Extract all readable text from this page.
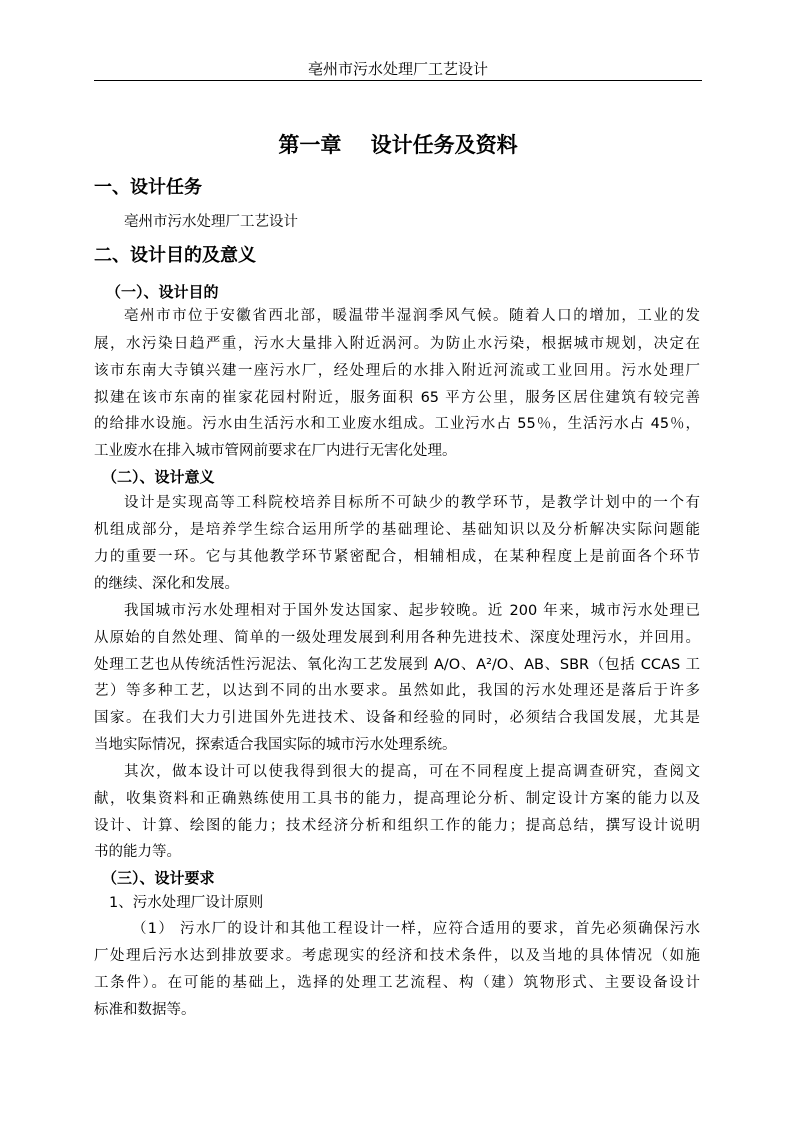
亳州市污水处理厂工艺设计
第一章    设计任务及资料
一、设计任务
亳州市污水处理厂工艺设计
二、设计目的及意义
（一）、设计目的
亳州市市位于安徽省西北部，暖温带半湿润季风气候。随着人口的增加，工业的发
展，水污染日趋严重，污水大量排入附近涡河。为防止水污染，根据城市规划，决定在
该市东南大寺镇兴建一座污水厂，经处理后的水排入附近河流或工业回用。污水处理厂
拟建在该市东南的崔家花园村附近，服务面积 65 平方公里，服务区居住建筑有较完善
的给排水设施。污水由生活污水和工业废水组成。工业污水占 55％，生活污水占 45％，
工业废水在排入城市管网前要求在厂内进行无害化处理。
（二）、设计意义
设计是实现高等工科院校培养目标所不可缺少的教学环节，是教学计划中的一个有
机组成部分，是培养学生综合运用所学的基础理论、基础知识以及分析解决实际问题能
力的重要一环。它与其他教学环节紧密配合，相辅相成，在某种程度上是前面各个环节
的继续、深化和发展。
我国城市污水处理相对于国外发达国家、起步较晚。近 200 年来，城市污水处理已
从原始的自然处理、简单的一级处理发展到利用各种先进技术、深度处理污水，并回用。
处理工艺也从传统活性污泥法、氧化沟工艺发展到 A/O、A²/O、AB、SBR（包括 CCAS 工
艺）等多种工艺，以达到不同的出水要求。虽然如此，我国的污水处理还是落后于许多
国家。在我们大力引进国外先进技术、设备和经验的同时，必须结合我国发展，尤其是
当地实际情况，探索适合我国实际的城市污水处理系统。
其次，做本设计可以使我得到很大的提高，可在不同程度上提高调查研究，查阅文
献，收集资料和正确熟练使用工具书的能力，提高理论分析、制定设计方案的能力以及
设计、计算、绘图的能力；技术经济分析和组织工作的能力；提高总结，撰写设计说明
书的能力等。
（三）、设计要求
1、污水处理厂设计原则
（1） 污水厂的设计和其他工程设计一样，应符合适用的要求，首先必须确保污水
厂处理后污水达到排放要求。考虑现实的经济和技术条件，以及当地的具体情况（如施
工条件）。在可能的基础上，选择的处理工艺流程、构（建）筑物形式、主要设备设计
标准和数据等。
